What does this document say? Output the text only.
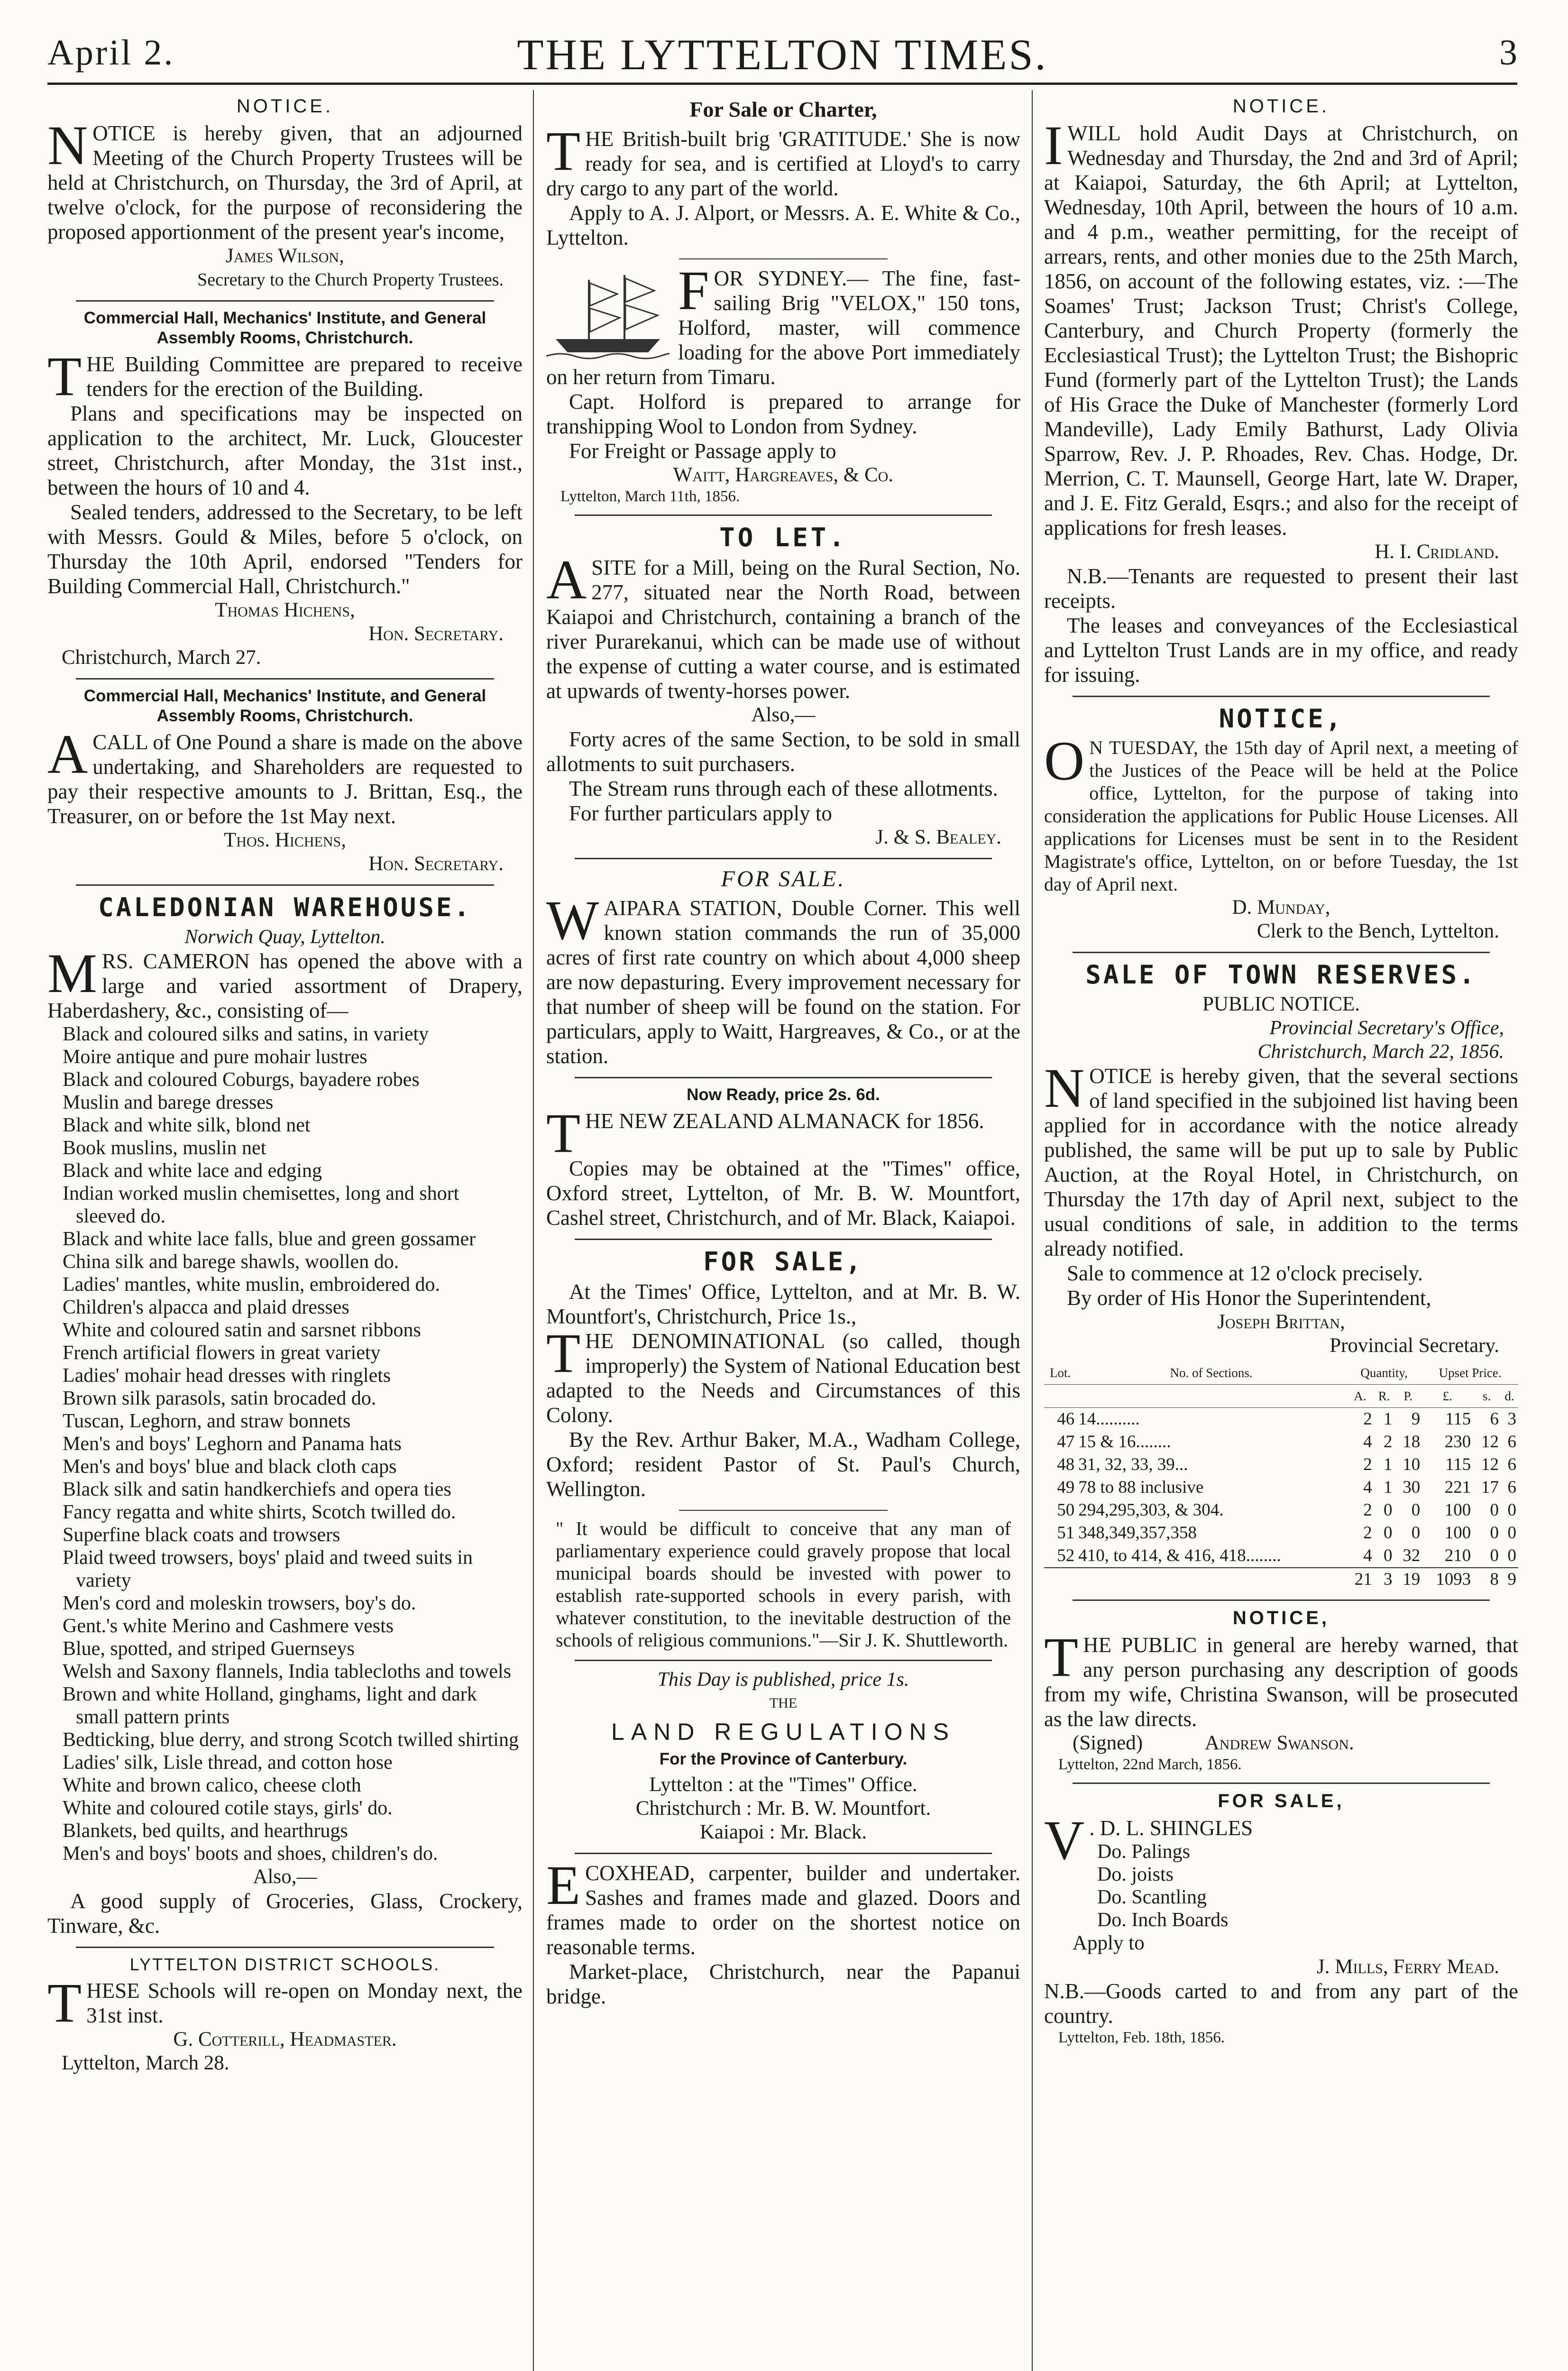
April 2.	THE LYTTELTON TIMES.	3
NOTICE.
N OTICE is hereby given, that an adjourned Meeting of the Church Property Trustees will be held at Christchurch, on Thursday, the 3rd of April, at twelve o'clock, for the purpose of reconsidering the proposed apportionment of the present year's income,
James Wilson,
Secretary to the Church Property Trustees.
Commercial Hall, Mechanics' Institute, and General Assembly Rooms, Christchurch.
T HE Building Committee are prepared to receive tenders for the erection of the Building.

Plans and specifications may be inspected on application to the architect, Mr. Luck, Gloucester street, Christchurch, after Monday, the 31st inst., between the hours of 10 and 4.

Sealed tenders, addressed to the Secretary, to be left with Messrs. Gould & Miles, before 5 o'clock, on Thursday the 10th April, endorsed "Tenders for Building Commercial Hall, Christchurch."

Thomas Hichens,
Hon. Secretary.
Christchurch, March 27.
Commercial Hall, Mechanics' Institute, and General Assembly Rooms, Christchurch.
A CALL of One Pound a share is made on the above undertaking, and Shareholders are requested to pay their respective amounts to J. Brittan, Esq., the Treasurer, on or before the 1st May next.
Thos. Hichens,
Hon. Secretary.
CALEDONIAN WAREHOUSE.
Norwich Quay, Lyttelton.
M RS. CAMERON has opened the above with a large and varied assortment of Drapery, Haberdashery, &c., consisting of—
Black and coloured silks and satins, in variety
Moire antique and pure mohair lustres
Black and coloured Coburgs, bayadere robes
Muslin and barege dresses
Black and white silk, blond net
Book muslins, muslin net
Black and white lace and edging
Indian worked muslin chemisettes, long and short sleeved do.
Black and white lace falls, blue and green gossamer
China silk and barege shawls, woollen do.
Ladies' mantles, white muslin, embroidered do.
Children's alpacca and plaid dresses
White and coloured satin and sarsnet ribbons
French artificial flowers in great variety
Ladies' mohair head dresses with ringlets
Brown silk parasols, satin brocaded do.
Tuscan, Leghorn, and straw bonnets
Men's and boys' Leghorn and Panama hats
Men's and boys' blue and black cloth caps
Black silk and satin handkerchiefs and opera ties
Fancy regatta and white shirts, Scotch twilled do.
Superfine black coats and trowsers
Plaid tweed trowsers, boys' plaid and tweed suits in variety
Men's cord and moleskin trowsers, boy's do.
Gent.'s white Merino and Cashmere vests
Blue, spotted, and striped Guernseys
Welsh and Saxony flannels, India tablecloths and towels
Brown and white Holland, ginghams, light and dark small pattern prints
Bedticking, blue derry, and strong Scotch twilled shirting
Ladies' silk, Lisle thread, and cotton hose
White and brown calico, cheese cloth
White and coloured cotile stays, girls' do.
Blankets, bed quilts, and hearthrugs
Men's and boys' boots and shoes, children's do.
Also,—

A good supply of Groceries, Glass, Crockery, Tinware, &c.

LYTTELTON DISTRICT SCHOOLS.
T HESE Schools will re-open on Monday next, the 31st inst.
G. Cotterill, Headmaster.
Lyttelton, March 28.
For Sale or Charter,
T HE British-built brig 'GRATITUDE.' She is now ready for sea, and is certified at Lloyd's to carry dry cargo to any part of the world.

Apply to A. J. Alport, or Messrs. A. E. White & Co., Lyttelton.

F OR SYDNEY.— The fine, fast-sailing Brig "VELOX," 150 tons, Holford, master, will commence loading for the above Port immediately on her return from Timaru.

Capt. Holford is prepared to arrange for transhipping Wool to London from Sydney.

For Freight or Passage apply to

Waitt, Hargreaves, & Co.
Lyttelton, March 11th, 1856.
TO LET.
A SITE for a Mill, being on the Rural Section, No. 277, situated near the North Road, between Kaiapoi and Christchurch, containing a branch of the river Purarekanui, which can be made use of without the expense of cutting a water course, and is estimated at upwards of twenty-horses power.
Also,—

Forty acres of the same Section, to be sold in small allotments to suit purchasers.

The Stream runs through each of these allotments.

For further particulars apply to

J. & S. Bealey.
FOR SALE.
W AIPARA STATION, Double Corner. This well known station commands the run of 35,000 acres of first rate country on which about 4,000 sheep are now depasturing. Every improvement necessary for that number of sheep will be found on the station. For particulars, apply to Waitt, Hargreaves, & Co., or at the station.
Now Ready, price 2s. 6d.
T HE NEW ZEALAND ALMANACK for 1856.

Copies may be obtained at the "Times" office, Oxford street, Lyttelton, of Mr. B. W. Mountfort, Cashel street, Christchurch, and of Mr. Black, Kaiapoi.

FOR SALE,

At the Times' Office, Lyttelton, and at Mr. B. W. Mountfort's, Christchurch, Price 1s.,

T HE DENOMINATIONAL (so called, though improperly) the System of National Education best adapted to the Needs and Circumstances of this Colony.

By the Rev. Arthur Baker, M.A., Wadham College, Oxford; resident Pastor of St. Paul's Church, Wellington.

" It would be difficult to conceive that any man of parliamentary experience could gravely propose that local municipal boards should be invested with power to establish rate-supported schools in every parish, with whatever constitution, to the inevitable destruction of the schools of religious communions."—Sir J. K. Shuttleworth.

This Day is published, price 1s.
THE
LAND REGULATIONS
For the Province of Canterbury.
Lyttelton : at the "Times" Office.
Christchurch : Mr. B. W. Mountfort.
Kaiapoi : Mr. Black.
E COXHEAD, carpenter, builder and undertaker. Sashes and frames made and glazed. Doors and frames made to order on the shortest notice on reasonable terms.

Market-place, Christchurch, near the Papanui bridge.

NOTICE.
I WILL hold Audit Days at Christchurch, on Wednesday and Thursday, the 2nd and 3rd of April; at Kaiapoi, Saturday, the 6th April; at Lyttelton, Wednesday, 10th April, between the hours of 10 a.m. and 4 p.m., weather permitting, for the receipt of arrears, rents, and other monies due to the 25th March, 1856, on account of the following estates, viz. :—The Soames' Trust; Jackson Trust; Christ's College, Canterbury, and Church Property (formerly the Ecclesiastical Trust); the Lyttelton Trust; the Bishopric Fund (formerly part of the Lyttelton Trust); the Lands of His Grace the Duke of Manchester (formerly Lord Mandeville), Lady Emily Bathurst, Lady Olivia Sparrow, Rev. J. P. Rhoades, Rev. Chas. Hodge, Dr. Merrion, C. T. Maunsell, George Hart, late W. Draper, and J. E. Fitz Gerald, Esqrs.; and also for the receipt of applications for fresh leases.
H. I. Cridland.

N.B.—Tenants are requested to present their last receipts.

The leases and conveyances of the Ecclesiastical and Lyttelton Trust Lands are in my office, and ready for issuing.

NOTICE,
O N TUESDAY, the 15th day of April next, a meeting of the Justices of the Peace will be held at the Police office, Lyttelton, for the purpose of taking into consideration the applications for Public House Licenses. All applications for Licenses must be sent in to the Resident Magistrate's office, Lyttelton, on or before Tuesday, the 1st day of April next.
D. Munday,
Clerk to the Bench, Lyttelton.
SALE OF TOWN RESERVES.
PUBLIC NOTICE.
Provincial Secretary's Office,
Christchurch, March 22, 1856.
N OTICE is hereby given, that the several sections of land specified in the subjoined list having been applied for in accordance with the notice already published, the same will be put up to sale by Public Auction, at the Royal Hotel, in Christchurch, on Thursday the 17th day of April next, subject to the usual conditions of sale, in addition to the terms already notified.

Sale to commence at 12 o'clock precisely.

By order of His Honor the Superintendent,

Joseph Brittan,
Provincial Secretary.
Lot.	No. of Sections.	Quantity,			Upset Price.		
		A.	R.	P.	£.	s.	d.
46	14..........	2	1	9	115	6	3
47	15 & 16........	4	2	18	230	12	6
48	31, 32, 33, 39...	2	1	10	115	12	6
49	78 to 88 inclusive	4	1	30	221	17	6
50	294,295,303, & 304.	2	0	0	100	0	0
51	348,349,357,358	2	0	0	100	0	0
52	410, to 414, & 416, 418........	4	0	32	210	0	0
		21	3	19	1093	8	9
NOTICE,
T HE PUBLIC in general are hereby warned, that any person purchasing any description of goods from my wife, Christina Swanson, will be prosecuted as the law directs.
(Signed)	Andrew Swanson.
Lyttelton, 22nd March, 1856.
FOR SALE,
V . D. L. SHINGLES
Do. Palings
Do. joists
Do. Scantling
Do. Inch Boards
Apply to
J. Mills, Ferry Mead.

N.B.—Goods carted to and from any part of the country.

Lyttelton, Feb. 18th, 1856.
